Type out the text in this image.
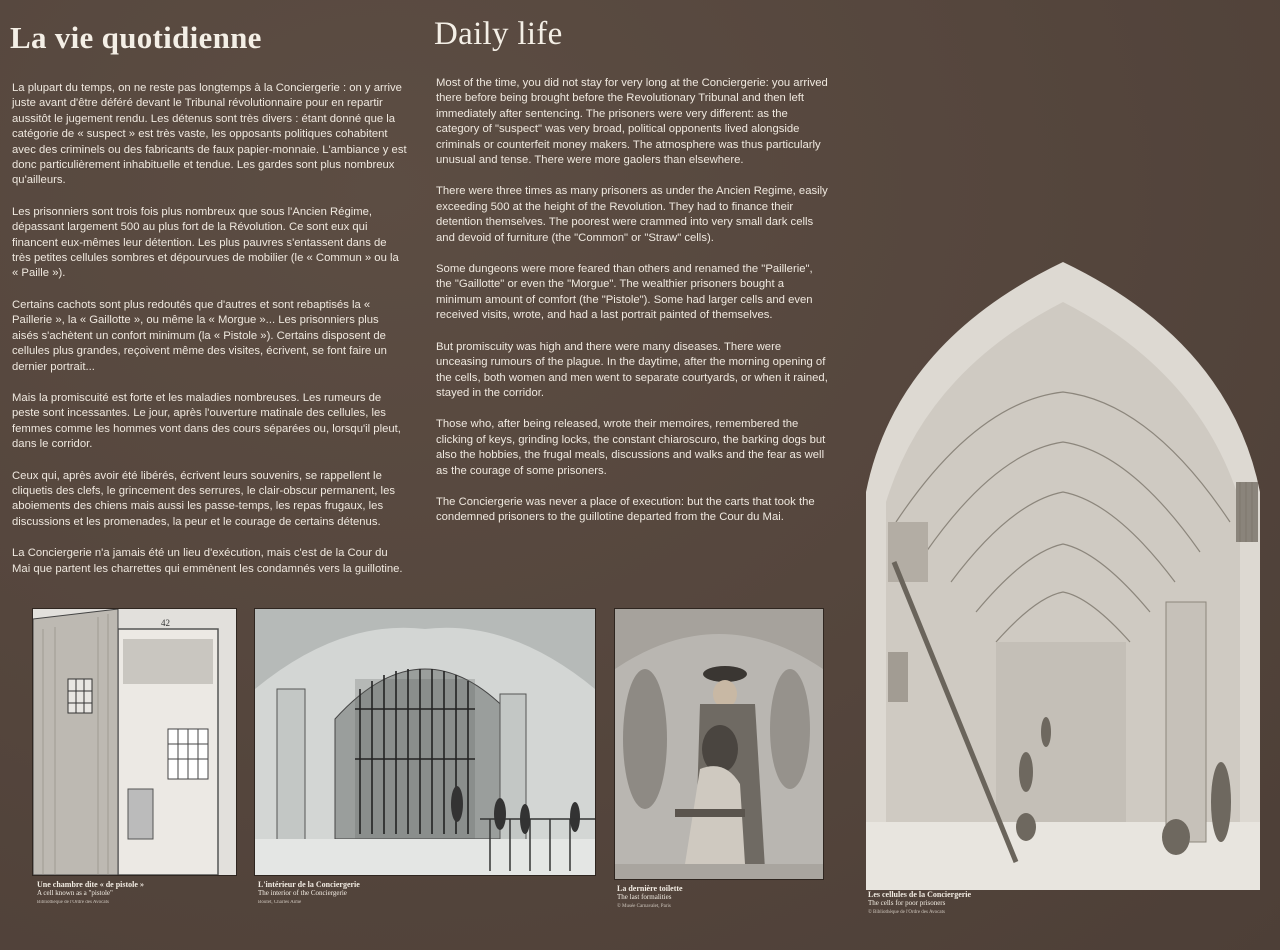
La vie quotidienne	Daily life

La plupart du temps, on ne reste pas longtemps à la Conciergerie : on y arrive juste avant d'être déféré devant le Tribunal révolutionnaire pour en repartir aussitôt le jugement rendu. Les détenus sont très divers : étant donné que la catégorie de « suspect » est très vaste, les opposants politiques cohabitent avec des criminels ou des fabricants de faux papier-monnaie. L'ambiance y est donc particulièrement inhabituelle et tendue. Les gardes sont plus nombreux qu'ailleurs.

Les prisonniers sont trois fois plus nombreux que sous l'Ancien Régime, dépassant largement 500 au plus fort de la Révolution. Ce sont eux qui financent eux-mêmes leur détention. Les plus pauvres s'entassent dans de très petites cellules sombres et dépourvues de mobilier (le « Commun » ou la « Paille »).

Certains cachots sont plus redoutés que d'autres et sont rebaptisés la « Paillerie », la « Gaillotte », ou même la « Morgue »... Les prisonniers plus aisés s'achètent un confort minimum (la « Pistole »). Certains disposent de cellules plus grandes, reçoivent même des visites, écrivent, se font faire un dernier portrait...

Mais la promiscuité est forte et les maladies nombreuses. Les rumeurs de peste sont incessantes. Le jour, après l'ouverture matinale des cellules, les femmes comme les hommes vont dans des cours séparées ou, lorsqu'il pleut, dans le corridor.

Ceux qui, après avoir été libérés, écrivent leurs souvenirs, se rappellent le cliquetis des clefs, le grincement des serrures, le clair-obscur permanent, les aboiements des chiens mais aussi les passe-temps, les repas frugaux, les discussions et les promenades, la peur et le courage de certains détenus.

La Conciergerie n'a jamais été un lieu d'exécution, mais c'est de la Cour du Mai que partent les charrettes qui emmènent les condamnés vers la guillotine.

Most of the time, you did not stay for very long at the Conciergerie: you arrived there before being brought before the Revolutionary Tribunal and then left immediately after sentencing. The prisoners were very different: as the category of "suspect" was very broad, political opponents lived alongside criminals or counterfeit money makers. The atmosphere was thus particularly unusual and tense. There were more gaolers than elsewhere.

There were three times as many prisoners as under the Ancien Regime, easily exceeding 500 at the height of the Revolution. They had to finance their detention themselves. The poorest were crammed into very small dark cells and devoid of furniture (the "Common" or "Straw" cells).

Some dungeons were more feared than others and renamed the "Paillerie", the "Gaillotte" or even the "Morgue". The wealthier prisoners bought a minimum amount of comfort (the "Pistole"). Some had larger cells and even received visits, wrote, and had a last portrait painted of themselves.

But promiscuity was high and there were many diseases. There were unceasing rumours of the plague. In the daytime, after the morning opening of the cells, both women and men went to separate courtyards, or when it rained, stayed in the corridor.

Those who, after being released, wrote their memoires, remembered the clicking of keys, grinding locks, the constant chiaroscuro, the barking dogs but also the hobbies, the frugal meals, discussions and walks and the fear as well as the courage of some prisoners.

The Conciergerie was never a place of execution: but the carts that took the condemned prisoners to the guillotine departed from the Cour du Mai.

42
Une chambre dite « de pistole »
A cell known as a "pistole"
Bibliothèque de l'Ordre des Avocats
L'intérieur de la Conciergerie
The interior of the Conciergerie
Boutet, Charles Aimé
La dernière toilette
The last formalities
© Musée Carnavalet, Paris
Les cellules de la Conciergerie
The cells for poor prisoners
© Bibliothèque de l'Ordre des Avocats
